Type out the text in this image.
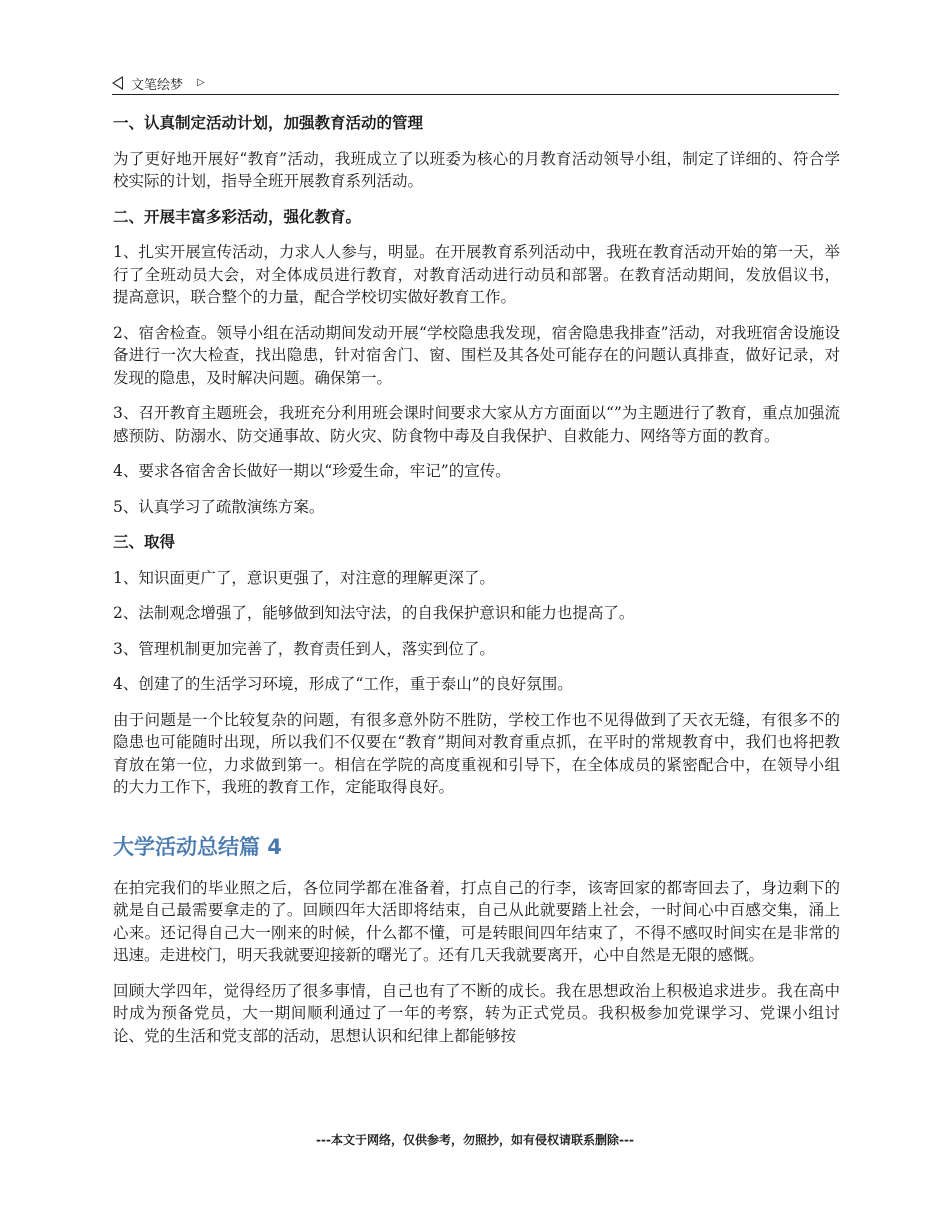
文笔绘梦 ▷
一、认真制定活动计划，加强教育活动的管理

为了更好地开展好“教育”活动，我班成立了以班委为核心的月教育活动领导小组，制定了详细的、符合学校实际的计划，指导全班开展教育系列活动。

二、开展丰富多彩活动，强化教育。

1、扎实开展宣传活动，力求人人参与，明显。在开展教育系列活动中，我班在教育活动开始的第一天，举行了全班动员大会，对全体成员进行教育，对教育活动进行动员和部署。在教育活动期间，发放倡议书，提高意识，联合整个的力量，配合学校切实做好教育工作。

2、宿舍检查。领导小组在活动期间发动开展“学校隐患我发现，宿舍隐患我排查”活动，对我班宿舍设施设备进行一次大检查，找出隐患，针对宿舍门、窗、围栏及其各处可能存在的问题认真排查，做好记录，对发现的隐患，及时解决问题。确保第一。

3、召开教育主题班会，我班充分利用班会课时间要求大家从方方面面以“”为主题进行了教育，重点加强流感预防、防溺水、防交通事故、防火灾、防食物中毒及自我保护、自救能力、网络等方面的教育。

4、要求各宿舍舍长做好一期以“珍爱生命，牢记”的宣传。

5、认真学习了疏散演练方案。

三、取得

1、知识面更广了，意识更强了，对注意的理解更深了。

2、法制观念增强了，能够做到知法守法，的自我保护意识和能力也提高了。

3、管理机制更加完善了，教育责任到人，落实到位了。

4、创建了的生活学习环境，形成了“工作，重于泰山”的良好氛围。

由于问题是一个比较复杂的问题，有很多意外防不胜防，学校工作也不见得做到了天衣无缝，有很多不的隐患也可能随时出现，所以我们不仅要在“教育”期间对教育重点抓，在平时的常规教育中，我们也将把教育放在第一位，力求做到第一。相信在学院的高度重视和引导下，在全体成员的紧密配合中，在领导小组的大力工作下，我班的教育工作，定能取得良好。

大学活动总结篇 4

在拍完我们的毕业照之后，各位同学都在准备着，打点自己的行李，该寄回家的都寄回去了，身边剩下的就是自己最需要拿走的了。回顾四年大活即将结束，自己从此就要踏上社会，一时间心中百感交集，涌上心来。还记得自己大一刚来的时候，什么都不懂，可是转眼间四年结束了，不得不感叹时间实在是非常的迅速。走进校门，明天我就要迎接新的曙光了。还有几天我就要离开，心中自然是无限的感慨。

回顾大学四年，觉得经历了很多事情，自己也有了不断的成长。我在思想政治上积极追求进步。我在高中时成为预备党员，大一期间顺利通过了一年的考察，转为正式党员。我积极参加党课学习、党课小组讨论、党的生活和党支部的活动，思想认识和纪律上都能够按

---本文于网络，仅供参考，勿照抄，如有侵权请联系删除---
